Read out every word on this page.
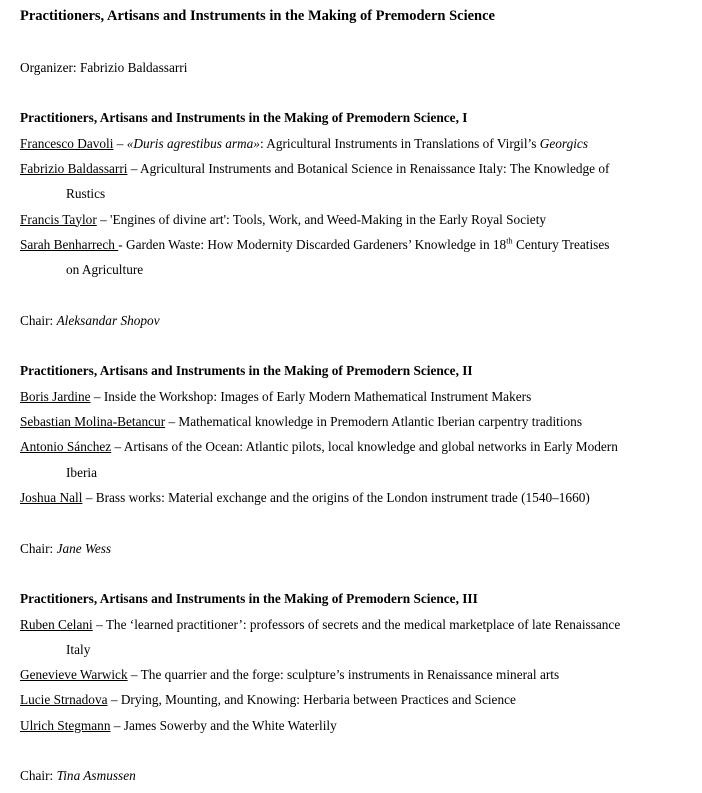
Practitioners, Artisans and Instruments in the Making of Premodern Science

Organizer: Fabrizio Baldassarri

Practitioners, Artisans and Instruments in the Making of Premodern Science, I

Francesco Davoli – «Duris agrestibus arma»: Agricultural Instruments in Translations of Virgil’s Georgics
Fabrizio Baldassarri – Agricultural Instruments and Botanical Science in Renaissance Italy: The Knowledge of
Rustics
Francis Taylor – 'Engines of divine art': Tools, Work, and Weed-Making in the Early Royal Society
Sarah Benharrech - Garden Waste: How Modernity Discarded Gardeners’ Knowledge in 18th Century Treatises
on Agriculture

Chair: Aleksandar Shopov

Practitioners, Artisans and Instruments in the Making of Premodern Science, II

Boris Jardine – Inside the Workshop: Images of Early Modern Mathematical Instrument Makers
Sebastian Molina-Betancur – Mathematical knowledge in Premodern Atlantic Iberian carpentry traditions
Antonio Sánchez – Artisans of the Ocean: Atlantic pilots, local knowledge and global networks in Early Modern
Iberia
Joshua Nall – Brass works: Material exchange and the origins of the London instrument trade (1540–1660)

Chair: Jane Wess

Practitioners, Artisans and Instruments in the Making of Premodern Science, III

Ruben Celani – The ‘learned practitioner’: professors of secrets and the medical marketplace of late Renaissance
Italy
Genevieve Warwick – The quarrier and the forge: sculpture’s instruments in Renaissance mineral arts
Lucie Strnadova – Drying, Mounting, and Knowing: Herbaria between Practices and Science
Ulrich Stegmann – James Sowerby and the White Waterlily

Chair: Tina Asmussen
